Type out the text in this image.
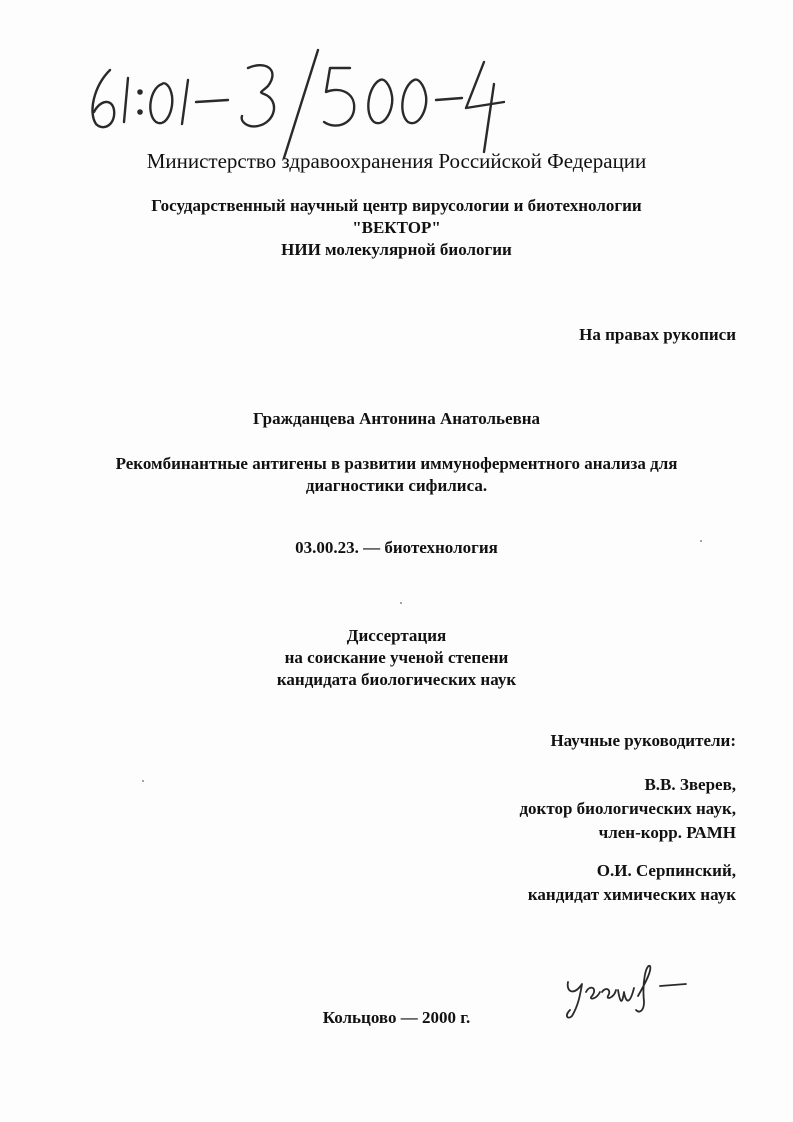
Министерство здравоохранения Российской Федерации
Государственный научный центр вирусологии и биотехнологии
"ВЕКТОР"
НИИ молекулярной биологии
На правах рукописи
Гражданцева Антонина Анатольевна
Рекомбинантные антигены в развитии иммуноферментного анализа для
диагностики сифилиса.
03.00.23. — биотехнология
Диссертация
на соискание ученой степени
кандидата биологических наук
Научные руководители:
В.В. Зверев,
доктор биологических наук,
член-корр. РАМН
О.И. Серпинский,
кандидат химических наук
Кольцово — 2000 г.
